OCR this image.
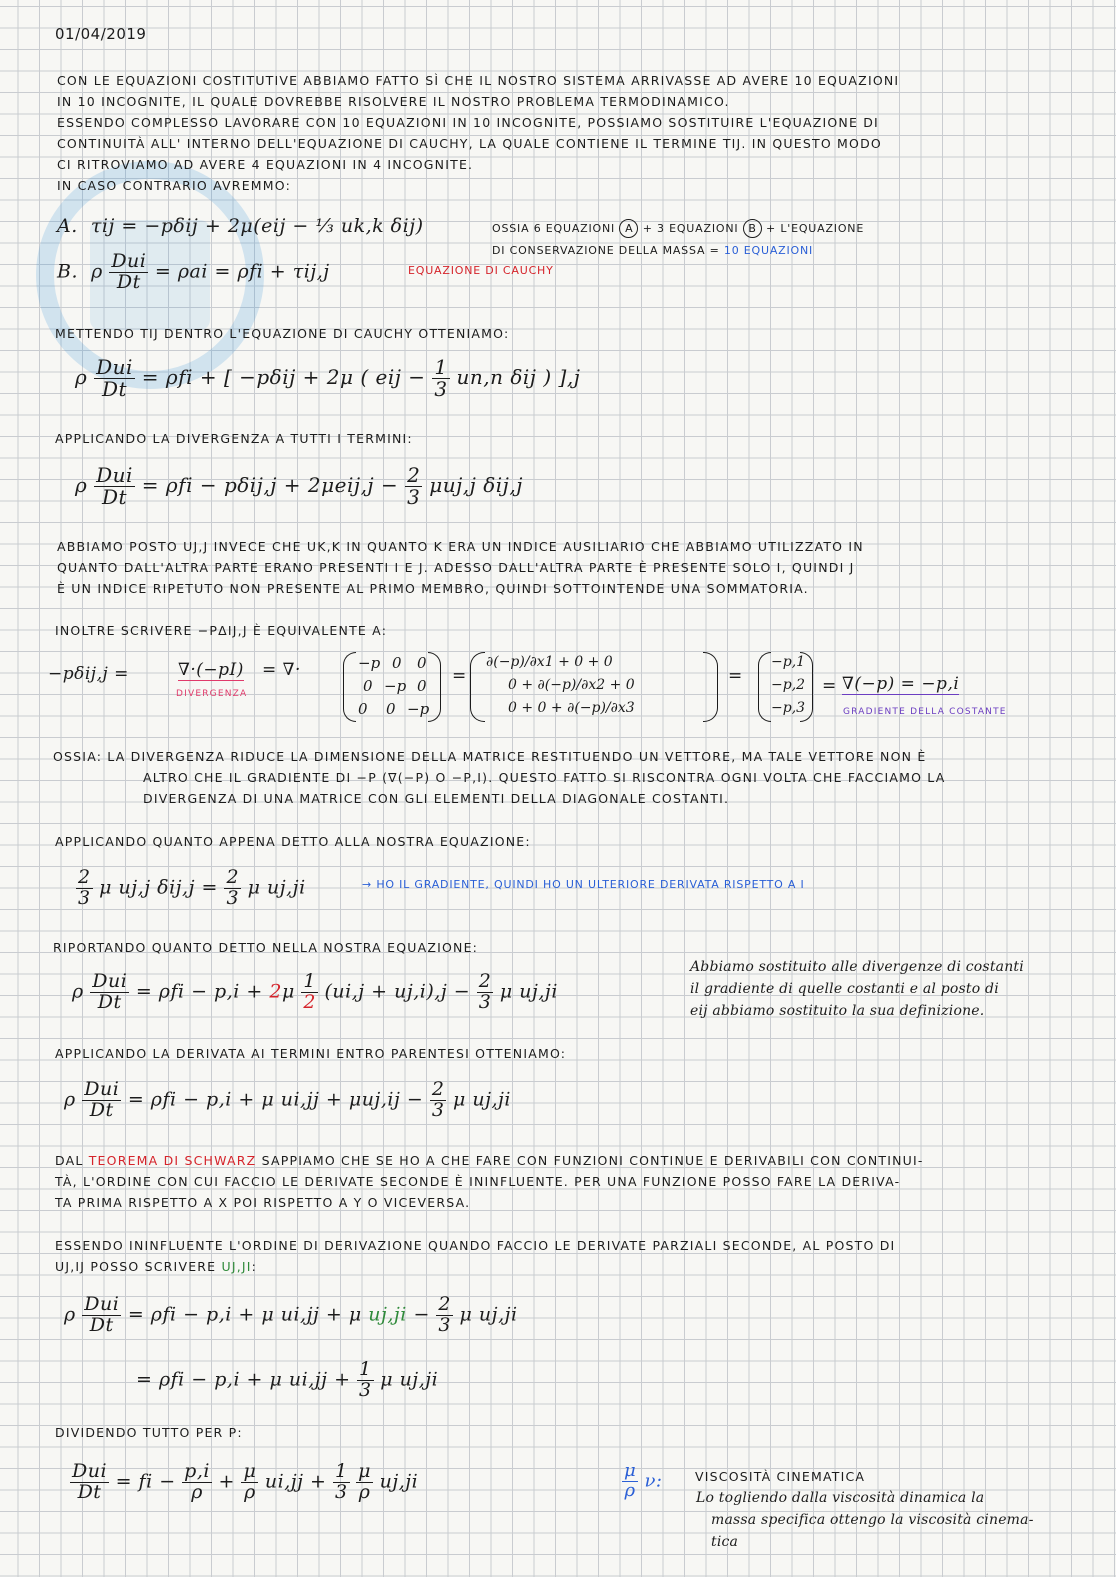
01/04/2019
CON LE EQUAZIONI COSTITUTIVE ABBIAMO FATTO SÌ CHE IL NOSTRO SISTEMA ARRIVASSE AD AVERE 10 EQUAZIONI
IN 10 INCOGNITE, IL QUALE DOVREBBE RISOLVERE IL NOSTRO PROBLEMA TERMODINAMICO.
ESSENDO COMPLESSO LAVORARE CON 10 EQUAZIONI IN 10 INCOGNITE, POSSIAMO SOSTITUIRE L'EQUAZIONE DI
CONTINUITÀ ALL' INTERNO DELL'EQUAZIONE DI CAUCHY, LA QUALE CONTIENE IL TERMINE ΤIJ. IN QUESTO MODO
CI RITROVIAMO AD AVERE 4 EQUAZIONI IN 4 INCOGNITE.
IN CASO CONTRARIO AVREMMO:
A. τij = −pδij + 2μ(eij − ⅓ uk,k δij)	OSSIA 6 EQUAZIONI A + 3 EQUAZIONI B + L'EQUAZIONE
DI CONSERVAZIONE DELLA MASSA = 10 EQUAZIONI
B. ρ $\frac{\text{Dui}}{Dt} = \rho ai = \rho fi + \tau ij,j$	EQUAZIONE DI CAUCHY
METTENDO ΤIJ DENTRO L'EQUAZIONE DI CAUCHY OTTENIAMO:
ρ $\frac{\text{Dui}}{Dt} = \rho fi$ + [ −pδij + 2μ ( eij − $\frac{1}{3} un,n$ δij ) ],j
APPLICANDO LA DIVERGENZA A TUTTI I TERMINI:
ρ $\frac{\text{Dui}}{Dt} = \rho fi - p\delta ij,j + 2\mu eij,j - \frac{2}{3} \mu uj,j$ δij,j
ABBIAMO POSTO UJ,J INVECE CHE UK,K IN QUANTO K ERA UN INDICE AUSILIARIO CHE ABBIAMO UTILIZZATO IN
QUANTO DALL'ALTRA PARTE ERANO PRESENTI I E J. ADESSO DALL'ALTRA PARTE È PRESENTE SOLO I, QUINDI J
È UN INDICE RIPETUTO NON PRESENTE AL PRIMO MEMBRO, QUINDI SOTTOINTENDE UNA SOMMATORIA.
INOLTRE SCRIVERE −PΔIJ,J È EQUIVALENTE A:
−pδij,j =	∇·(−pI)
DIVERGENZA
= ∇·	−p 0 0
0 −p 0
0 0 −p
=
∂(−p)/∂x1 + 0 + 0
0 + ∂(−p)/∂x2 + 0
0 + 0 + ∂(−p)/∂x3
=
−p,1
−p,2
−p,3
= ∇(−p) = −p,i
GRADIENTE DELLA COSTANTE
OSSIA: LA DIVERGENZA RIDUCE LA DIMENSIONE DELLA MATRICE RESTITUENDO UN VETTORE, MA TALE VETTORE NON È
ALTRO CHE IL GRADIENTE DI −P (∇(−P) O −P,I). QUESTO FATTO SI RISCONTRA OGNI VOLTA CHE FACCIAMO LA
DIVERGENZA DI UNA MATRICE CON GLI ELEMENTI DELLA DIAGONALE COSTANTI.
APPLICANDO QUANTO APPENA DETTO ALLA NOSTRA EQUAZIONE:
$\frac{2}{3}$ μ uj,j $\delta ij,j = \frac{2}{3}$ μ uj,ji	→ HO IL GRADIENTE, QUINDI HO UN ULTERIORE DERIVATA RISPETTO A I
RIPORTANDO QUANTO DETTO NELLA NOSTRA EQUAZIONE:
ρ $\frac{\text{Dui}}{Dt} = \rho fi - p,i + 2\mu \frac{1}{2} (ui,j + uj,i),j - \frac{2}{3}$ μ uj,ji
Abbiamo sostituito alle divergenze di costanti
il gradiente di quelle costanti e al posto di
eij abbiamo sostituito la sua definizione.
APPLICANDO LA DERIVATA AI TERMINI ENTRO PARENTESI OTTENIAMO:
ρ $\frac{\text{Dui}}{Dt} = \rho fi - p,i + \mu$ $ui,jj + \mu uj,ij - \frac{2}{3}$ μ uj,ji
DAL TEOREMA DI SCHWARZ SAPPIAMO CHE SE HO A CHE FARE CON FUNZIONI CONTINUE E DERIVABILI CON CONTINUI-
TÀ, L'ORDINE CON CUI FACCIO LE DERIVATE SECONDE È ININFLUENTE. PER UNA FUNZIONE POSSO FARE LA DERIVA-
TA PRIMA RISPETTO A X POI RISPETTO A Y O VICEVERSA.
ESSENDO ININFLUENTE L'ORDINE DI DERIVAZIONE QUANDO FACCIO LE DERIVATE PARZIALI SECONDE, AL POSTO DI
UJ,IJ POSSO SCRIVERE UJ,JI:
ρ $\frac{\text{Dui}}{Dt} = \rho fi - p,i + \mu$ ui,jj + μ $uj,ji - \frac{2}{3}$ μ uj,ji
= ρfi − p,i + μ $ui,jj + \frac{1}{3}$ μ uj,ji
DIVIDENDO TUTTO PER Ρ:
$\frac{\text{Dui}}{Dt}$ = fi − $\frac{p,i}{\rho} + \frac{\mu}{\rho} ui,jj + \frac{1}{3}$
$\frac{\mu}{\rho} uj,ji$	$\frac{\mu}{\rho} \nu$:	VISCOSITÀ CINEMATICA
Lo togliendo dalla viscosità dinamica la
massa specifica ottengo la viscosità cinema-
tica
